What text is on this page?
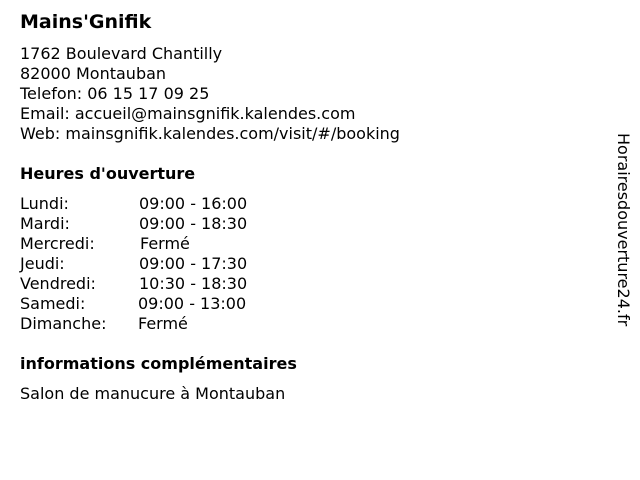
Mains'Gnifik
1762 Boulevard Chantilly
82000 Montauban
Telefon: 06 15 17 09 25
Email: accueil@mainsgnifik.kalendes.com
Web: mainsgnifik.kalendes.com/visit/#/booking
Heures d'ouverture
Lundi:	09:00 - 16:00
Mardi:	09:00 - 18:30
Mercredi:	Fermé
Jeudi:	09:00 - 17:30
Vendredi:	10:30 - 18:30
Samedi:	09:00 - 13:00
Dimanche: Fermé
informations complémentaires
Salon de manucure à Montauban
Horairesdouverture24.fr
